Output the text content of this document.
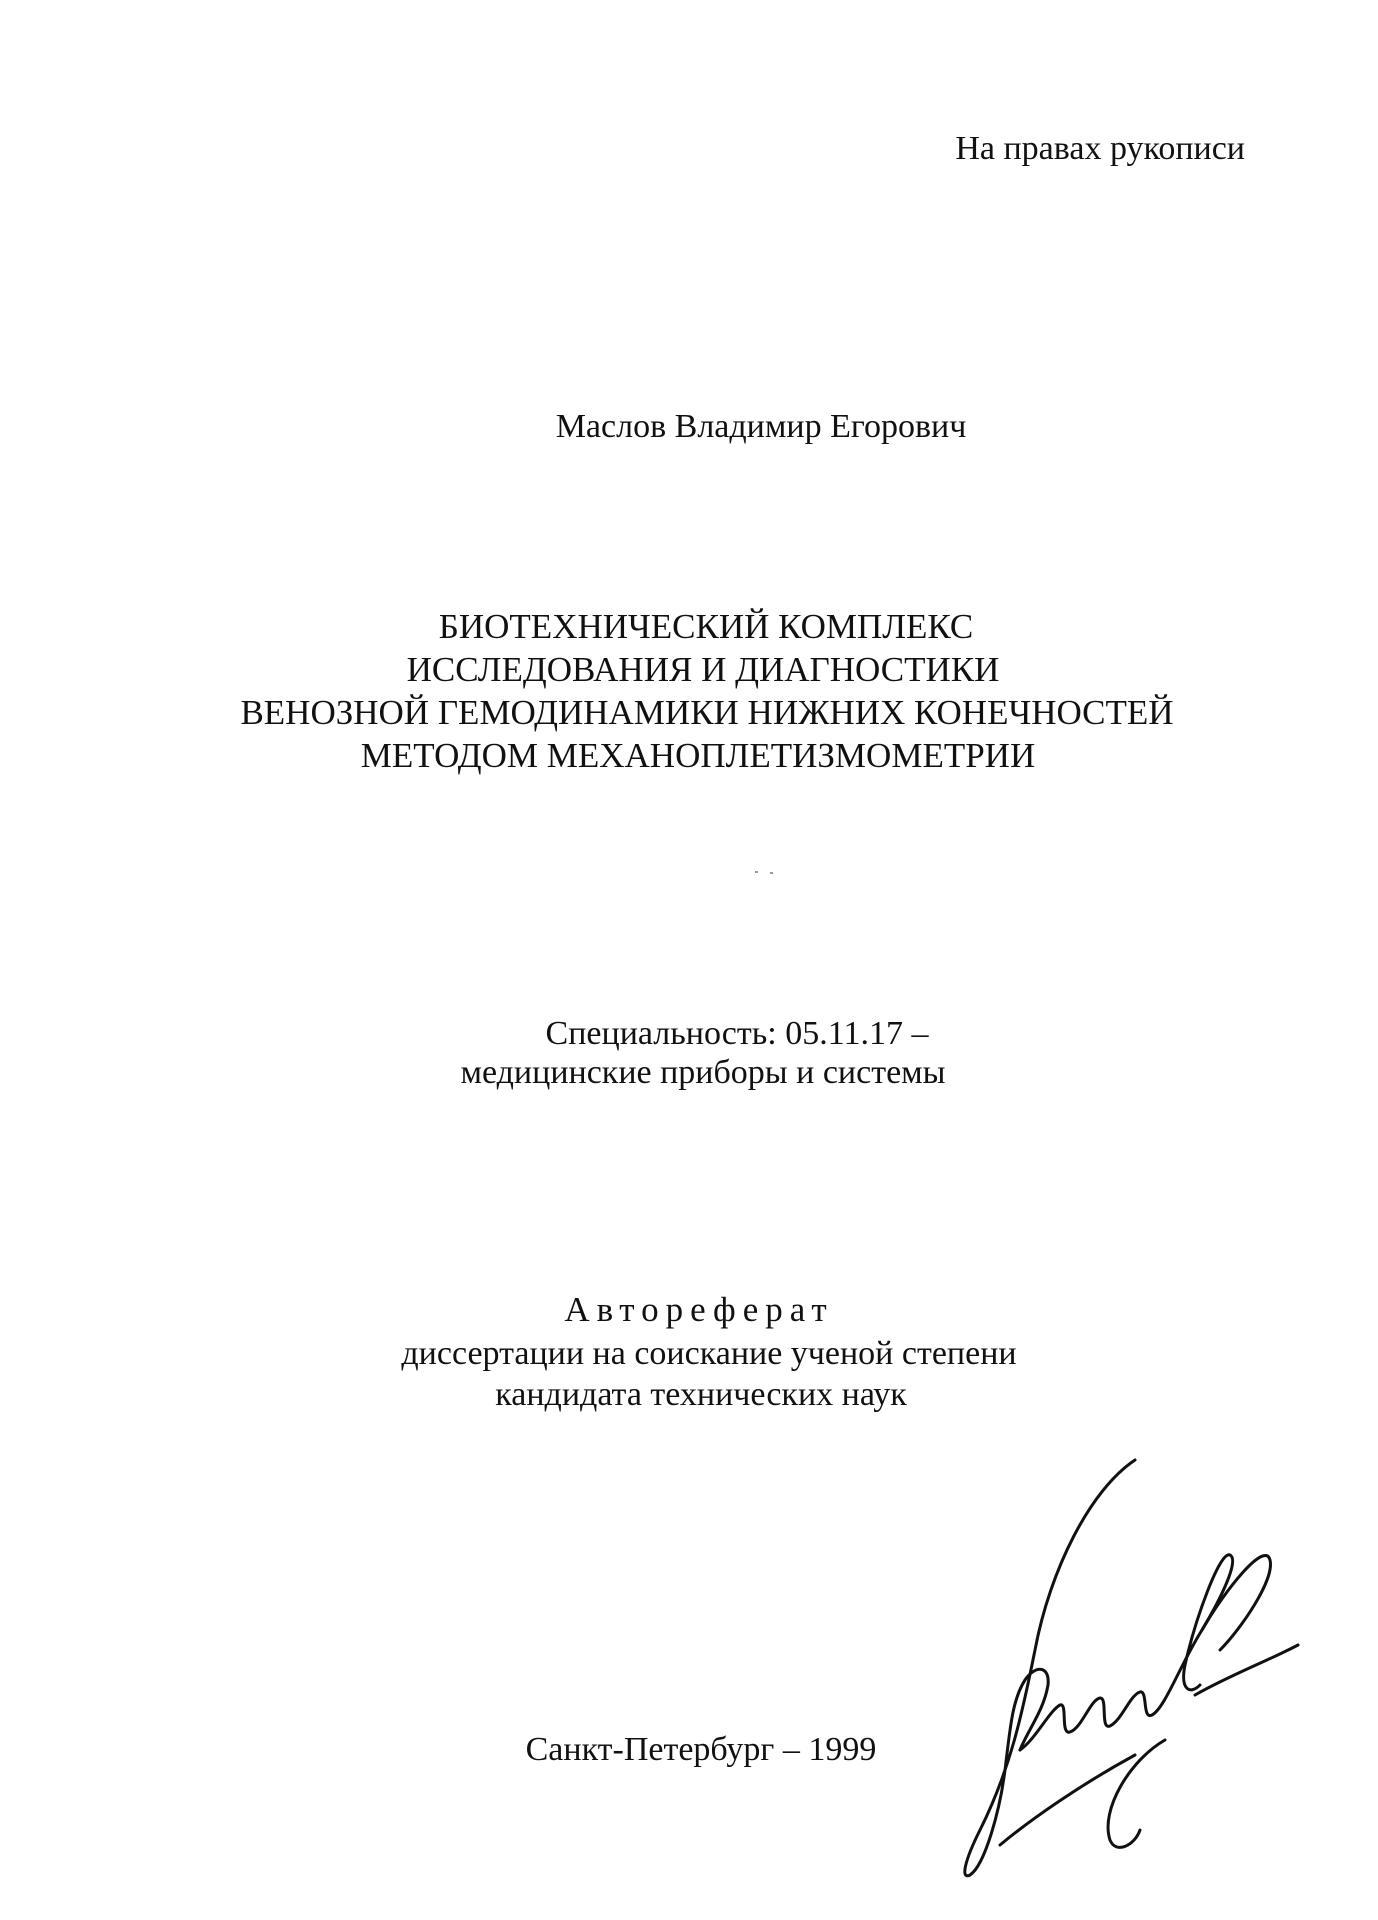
На правах рукописи
Маслов Владимир Егорович
БИОТЕХНИЧЕСКИЙ КОМПЛЕКС
ИССЛЕДОВАНИЯ И ДИАГНОСТИКИ
ВЕНОЗНОЙ ГЕМОДИНАМИКИ НИЖНИХ КОНЕЧНОСТЕЙ
МЕТОДОМ МЕХАНОПЛЕТИЗМОМЕТРИИ
Специальность: 05.11.17 –
медицинские приборы и системы
Автореферат
диссертации на соискание ученой степени
кандидата технических наук
Санкт-Петербург – 1999
